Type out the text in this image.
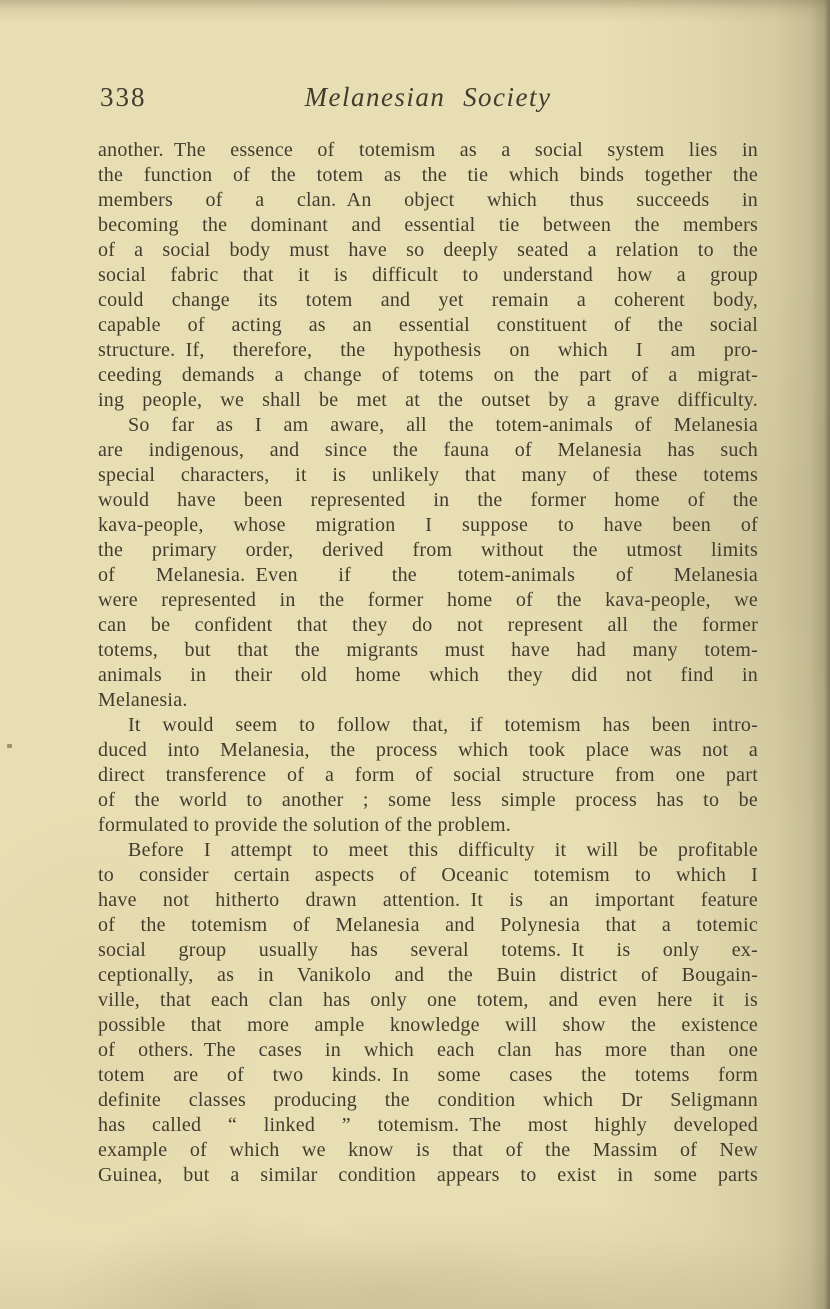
338	Melanesian Society
another. The essence of totemism as a social system lies in
the function of the totem as the tie which binds together the
members of a clan. An object which thus succeeds in
becoming the dominant and essential tie between the members
of a social body must have so deeply seated a relation to the
social fabric that it is difficult to understand how a group
could change its totem and yet remain a coherent body,
capable of acting as an essential constituent of the social
structure. If, therefore, the hypothesis on which I am pro-
ceeding demands a change of totems on the part of a migrat-
ing people, we shall be met at the outset by a grave difficulty.
So far as I am aware, all the totem-animals of Melanesia
are indigenous, and since the fauna of Melanesia has such
special characters, it is unlikely that many of these totems
would have been represented in the former home of the
kava-people, whose migration I suppose to have been of
the primary order, derived from without the utmost limits
of Melanesia. Even if the totem-animals of Melanesia
were represented in the former home of the kava-people, we
can be confident that they do not represent all the former
totems, but that the migrants must have had many totem-
animals in their old home which they did not find in
Melanesia.
It would seem to follow that, if totemism has been intro-
duced into Melanesia, the process which took place was not a
direct transference of a form of social structure from one part
of the world to another ; some less simple process has to be
formulated to provide the solution of the problem.
Before I attempt to meet this difficulty it will be profitable
to consider certain aspects of Oceanic totemism to which I
have not hitherto drawn attention. It is an important feature
of the totemism of Melanesia and Polynesia that a totemic
social group usually has several totems. It is only ex-
ceptionally, as in Vanikolo and the Buin district of Bougain-
ville, that each clan has only one totem, and even here it is
possible that more ample knowledge will show the existence
of others. The cases in which each clan has more than one
totem are of two kinds. In some cases the totems form
definite classes producing the condition which Dr Seligmann
has called “ linked ” totemism. The most highly developed
example of which we know is that of the Massim of New
Guinea, but a similar condition appears to exist in some parts
